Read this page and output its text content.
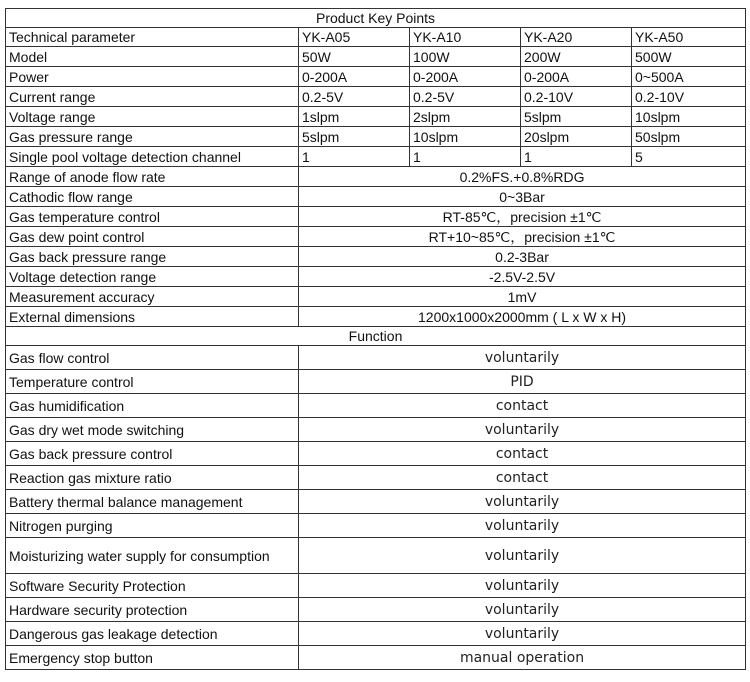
Product Key Points				
Technical parameter	YK-A05	YK-A10	YK-A20	YK-A50
Model	50W	100W	200W	500W
Power	0-200A	0-200A	0-200A	0~500A
Current range	0.2-5V	0.2-5V	0.2-10V	0.2-10V
Voltage range	1slpm	2slpm	5slpm	10slpm
Gas pressure range	5slpm	10slpm	20slpm	50slpm
Single pool voltage detection channel	1	1	1	5
Range of anode flow rate	0.2%FS.+0.8%RDG			
Cathodic flow range	0~3Bar			
Gas temperature control	RT-85℃，precision ±1℃			
Gas dew point control	RT+10~85℃，precision ±1℃			
Gas back pressure range	0.2-3Bar			
Voltage detection range	-2.5V-2.5V			
Measurement accuracy	1mV			
External dimensions	1200x1000x2000mm ( L x W x H)			
Function				
Gas flow control	voluntarily			
Temperature control	PID			
Gas humidification	contact			
Gas dry wet mode switching	voluntarily			
Gas back pressure control	contact			
Reaction gas mixture ratio	contact			
Battery thermal balance management	voluntarily			
Nitrogen purging	voluntarily			
Moisturizing water supply for consumption	voluntarily			
Software Security Protection	voluntarily			
Hardware security protection	voluntarily			
Dangerous gas leakage detection	voluntarily			
Emergency stop button	manual operation			
